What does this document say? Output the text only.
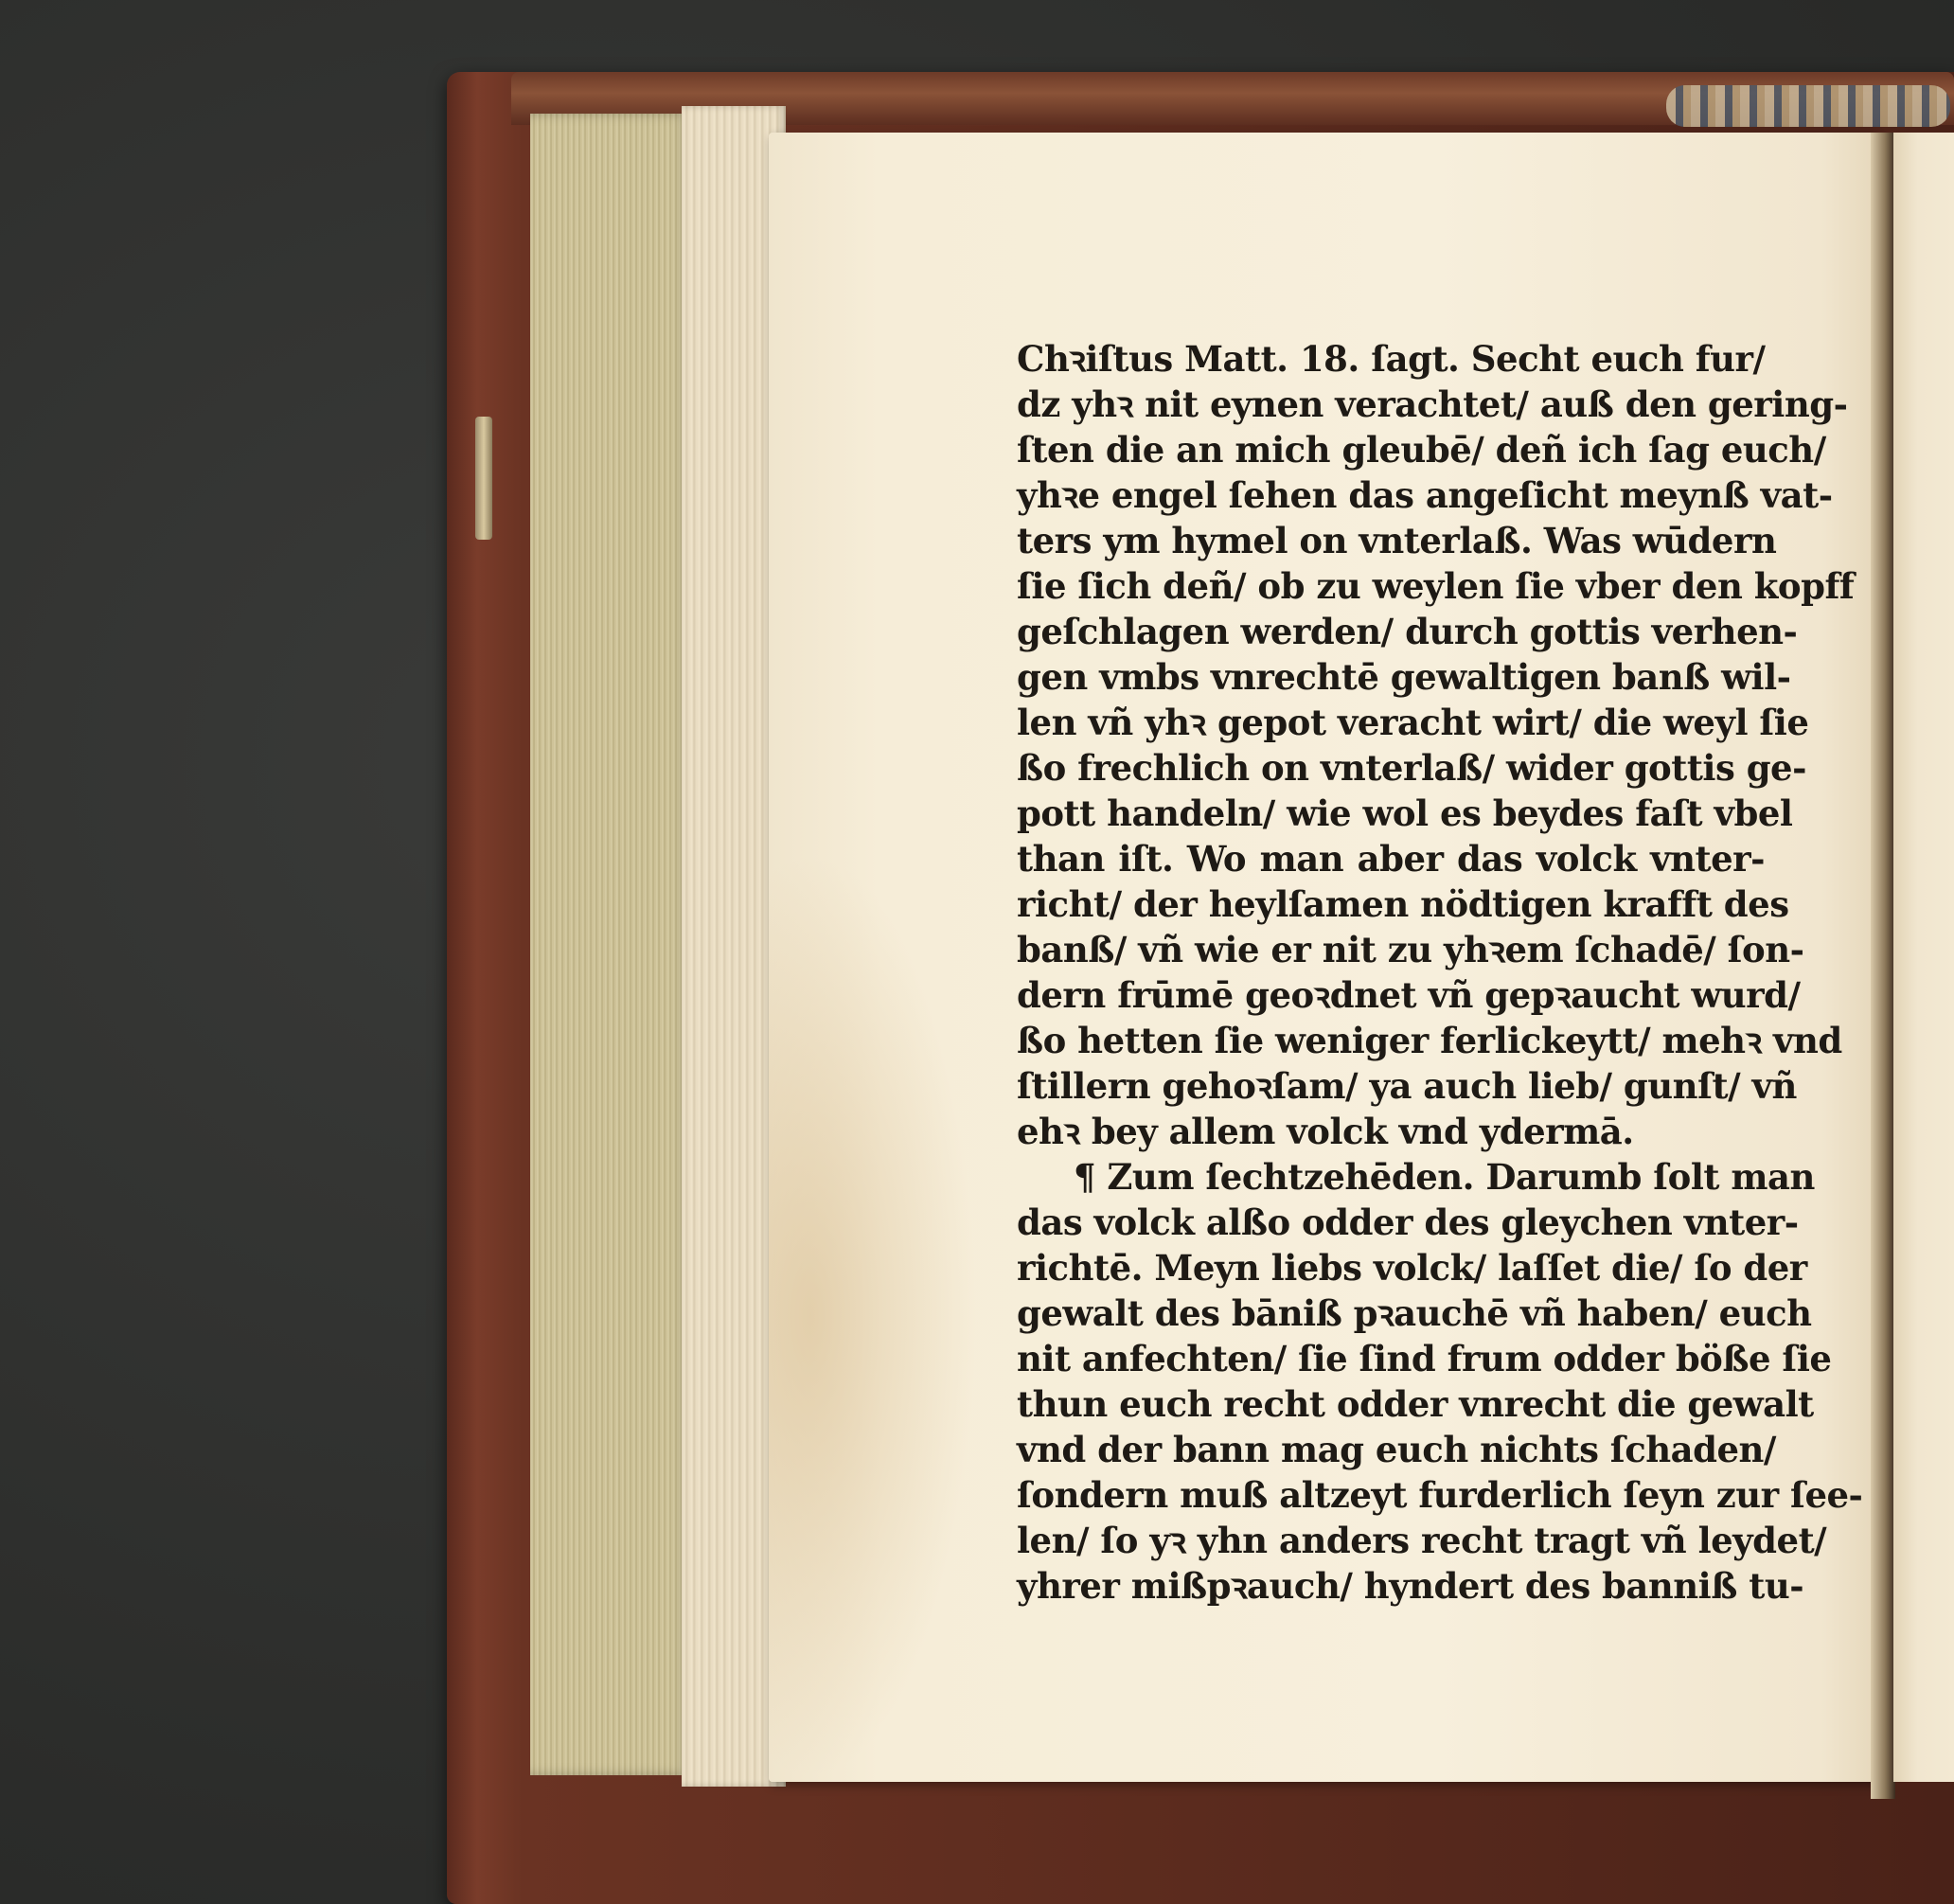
Chꝛiſtus Matt. 18. ſagt. Secht euch fur/
dz yhꝛ nit eynen verachtet/ auß den gering‑
ſten die an mich gleubē/ deñ ich ſag euch/
yhꝛe engel ſehen das angeſicht meynß vat‑
ters ym hymel on vnterlaß. Was wūdern
ſie ſich deñ/ ob zu weylen ſie vber den kopff
geſchlagen werden/ durch gottis verhen‑
gen vmbs vnrechtē gewaltigen banß wil‑
len vñ yhꝛ gepot veracht wirt/ die weyl ſie
ßo frechlich on vnterlaß/ wider gottis ge‑
pott handeln/ wie wol es beydes faſt vbel
than iſt. Wo man aber das volck vnter‑
richt/ der heylſamen nödtigen krafft des
banß/ vñ wie er nit zu yhꝛem ſchadē/ ſon‑
dern frūmē geoꝛdnet vñ gepꝛaucht wurd/
ßo hetten ſie weniger ferlickeytt/ mehꝛ vnd
ſtillern gehoꝛſam/ ya auch lieb/ gunſt/ vñ
ehꝛ bey allem volck vnd ydermā.
¶ Zum ſechtzehēden. Darumb ſolt man
das volck alßo odder des gleychen vnter‑
richtē. Meyn liebs volck/ laſſet die/ ſo der
gewalt des bāniß pꝛauchē vñ haben/ euch
nit anfechten/ ſie ſind frum odder böße ſie
thun euch recht odder vnrecht die gewalt
vnd der bann mag euch nichts ſchaden/
ſondern muß altzeyt furderlich ſeyn zur ſee‑
len/ ſo yꝛ yhn anders recht tragt vñ leydet/
yhrer mißpꝛauch/ hyndert des banniß tu‑
